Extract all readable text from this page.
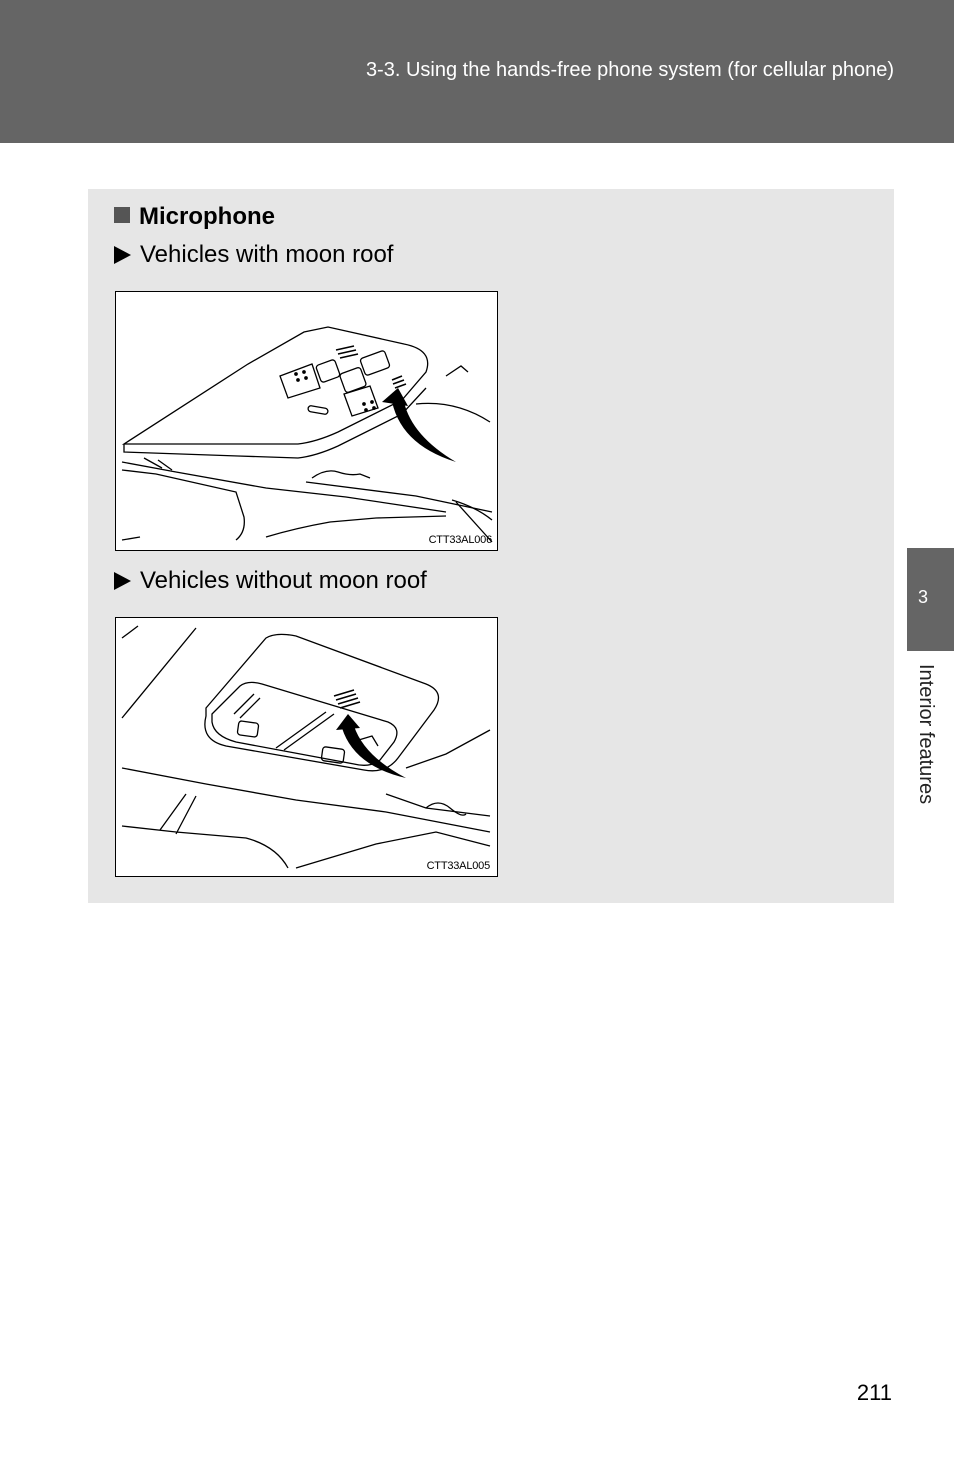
3-3. Using the hands-free phone system (for cellular phone)
Microphone
Vehicles with moon roof
CTT33AL006
Vehicles without moon roof
CTT33AL005
3
Interior features
211
